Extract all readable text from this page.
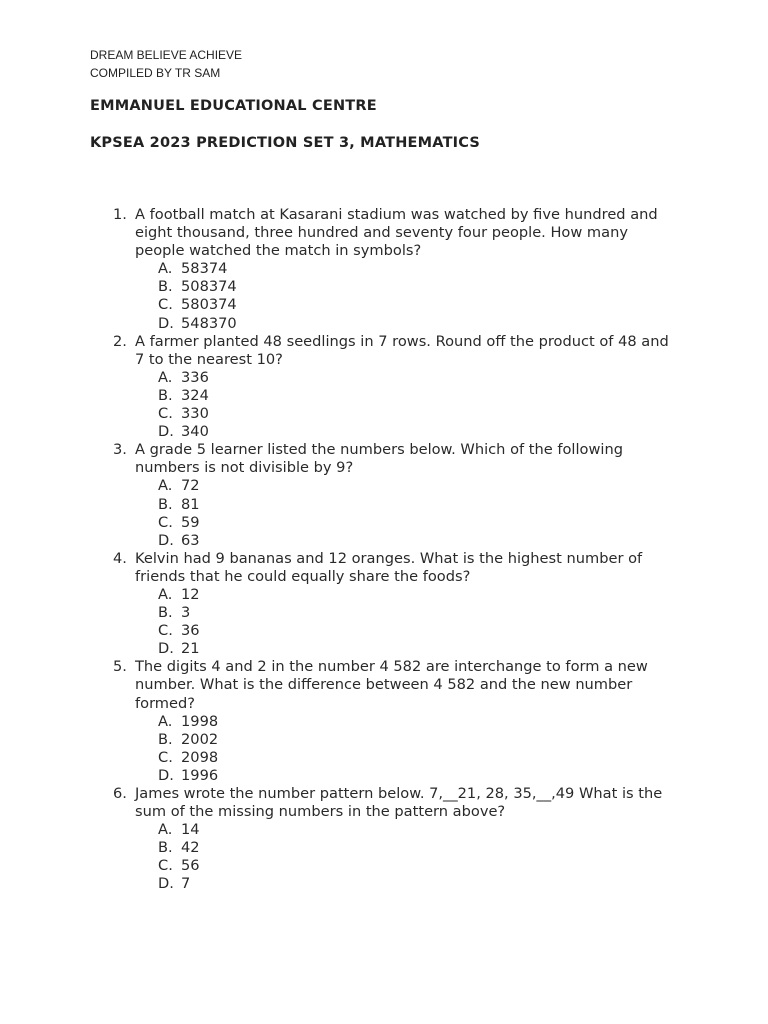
DREAM BELIEVE ACHIEVE
COMPILED BY TR SAM
EMMANUEL EDUCATIONAL CENTRE
KPSEA 2023 PREDICTION SET 3, MATHEMATICS
1. A football match at Kasarani stadium was watched by five hundred and eight thousand, three hundred and seventy four people. How many people watched the match in symbols?
A. 58374
B. 508374
C. 580374
D. 548370
2. A farmer planted 48 seedlings in 7 rows. Round off the product of 48 and 7 to the nearest 10?
A. 336
B. 324
C. 330
D. 340
3. A grade 5 learner listed the numbers below. Which of the following numbers is not divisible by 9?
A. 72
B. 81
C. 59
D. 63
4. Kelvin had 9 bananas and 12 oranges. What is the highest number of friends that he could equally share the foods?
A. 12
B. 3
C. 36
D. 21
5. The digits 4 and 2 in the number 4 582 are interchange to form a new number. What is the difference between 4 582 and the new number formed?
A. 1998
B. 2002
C. 2098
D. 1996
6. James wrote the number pattern below. 7,__21, 28, 35,__,49 What is the sum of the missing numbers in the pattern above?
A. 14
B. 42
C. 56
D. 7
